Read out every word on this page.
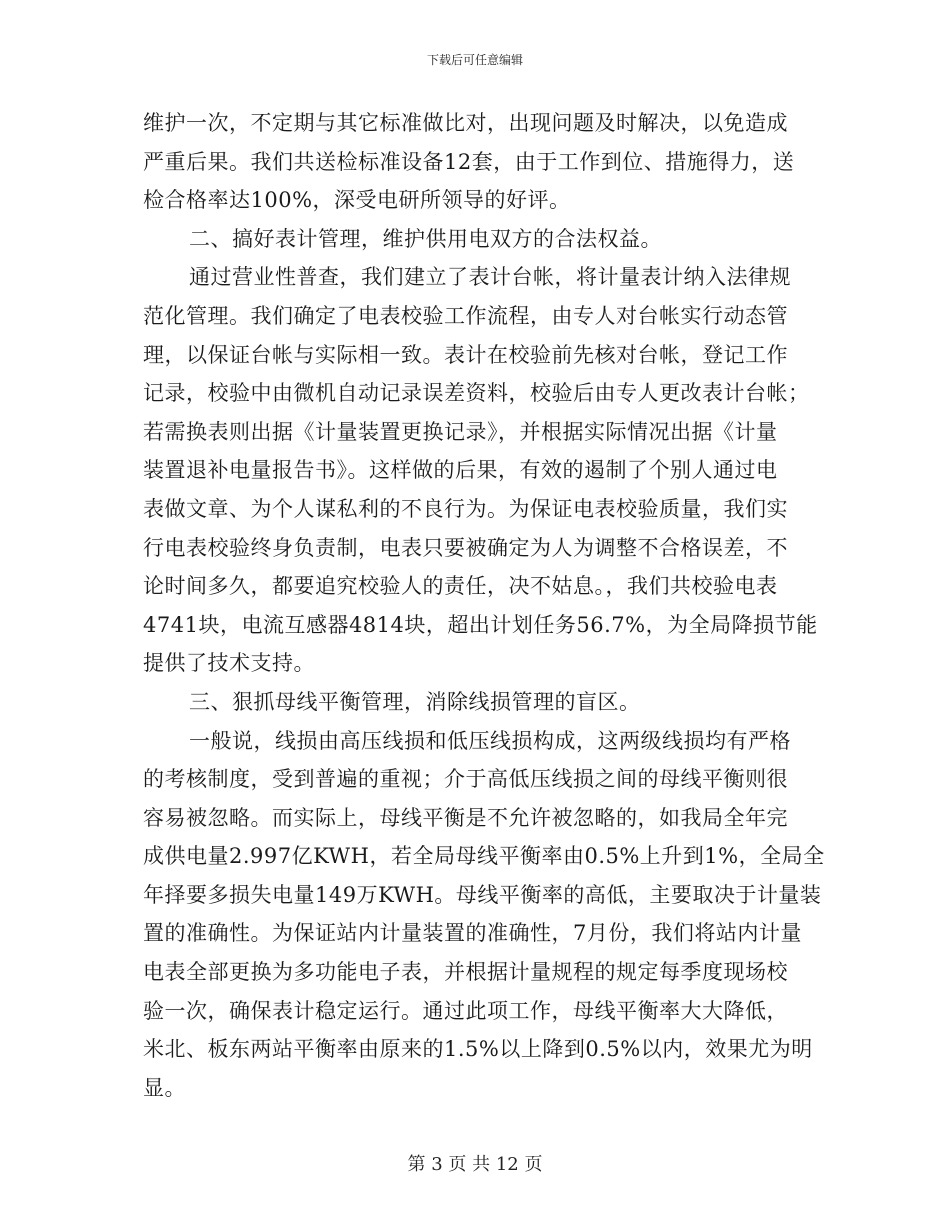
下载后可任意编辑
维护一次，不定期与其它标准做比对，出现问题及时解决，以免造成
严重后果。我们共送检标准设备12套，由于工作到位、措施得力，送
检合格率达100%，深受电研所领导的好评。
二、搞好表计管理，维护供用电双方的合法权益。
通过营业性普查，我们建立了表计台帐，将计量表计纳入法律规
范化管理。我们确定了电表校验工作流程，由专人对台帐实行动态管
理，以保证台帐与实际相一致。表计在校验前先核对台帐，登记工作
记录，校验中由微机自动记录误差资料，校验后由专人更改表计台帐；
若需换表则出据《计量装置更换记录》，并根据实际情况出据《计量
装置退补电量报告书》。这样做的后果，有效的遏制了个别人通过电
表做文章、为个人谋私利的不良行为。为保证电表校验质量，我们实
行电表校验终身负责制，电表只要被确定为人为调整不合格误差，不
论时间多久，都要追究校验人的责任，决不姑息。，我们共校验电表
4741块，电流互感器4814块，超出计划任务56.7%，为全局降损节能
提供了技术支持。
三、狠抓母线平衡管理，消除线损管理的盲区。
一般说，线损由高压线损和低压线损构成，这两级线损均有严格
的考核制度，受到普遍的重视；介于高低压线损之间的母线平衡则很
容易被忽略。而实际上，母线平衡是不允许被忽略的，如我局全年完
成供电量2.997亿KWH，若全局母线平衡率由0.5%上升到1%，全局全
年择要多损失电量149万KWH。母线平衡率的高低，主要取决于计量装
置的准确性。为保证站内计量装置的准确性，7月份，我们将站内计量
电表全部更换为多功能电子表，并根据计量规程的规定每季度现场校
验一次，确保表计稳定运行。通过此项工作，母线平衡率大大降低，
米北、板东两站平衡率由原来的1.5%以上降到0.5%以内，效果尤为明
显。
第 3 页 共 12 页
